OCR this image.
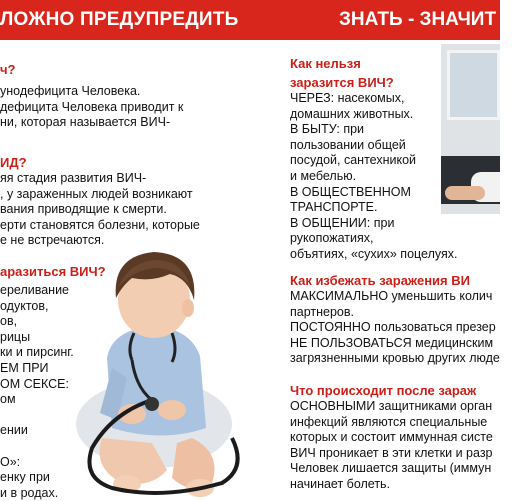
ЛОЖНО ПРЕДУПРЕДИТЬ	ЗНАТЬ - ЗНАЧИТ Ж
ч?
унодефицита Человека.
дефицита Человека приводит к
ни, которая называется ВИЧ-
ИД?
яя стадия развития ВИЧ-
, у зараженных людей возникают
вания приводящие к смерти.
ерти становятся болезни, которые
е не встречаются.
аразиться ВИЧ?
ереливание
одуктов,
ов,
рицы
ки и пирсинг.
ЕМ ПРИ
ОМ СЕКСЕ:
ом
ении
О»:
енку при
и в родах.
Как нельзя
заразится ВИЧ?
ЧЕРЕЗ: насекомых,
домашних животных.
В БЫТУ: при
пользовании общей
посудой, сантехникой
и мебелью.
В ОБЩЕСТВЕННОМ
ТРАНСПОРТЕ.
В ОБЩЕНИИ: при
рукопожатиях,
объятиях, «сухих» поцелуях.
Как избежать заражения ВИ
МАКСИМАЛЬНО уменьшить колич
партнеров.
ПОСТОЯННО пользоваться презер
НЕ ПОЛЬЗОВАТЬСЯ медицинским
загрязненными кровью других люде
Что происходит после зараж
ОСНОВНЫМИ защитниками орган
инфекций являются специальные
которых и состоит иммунная систе
ВИЧ проникает в эти клетки и разр
Человек лишается защиты (иммун
начинает болеть.
